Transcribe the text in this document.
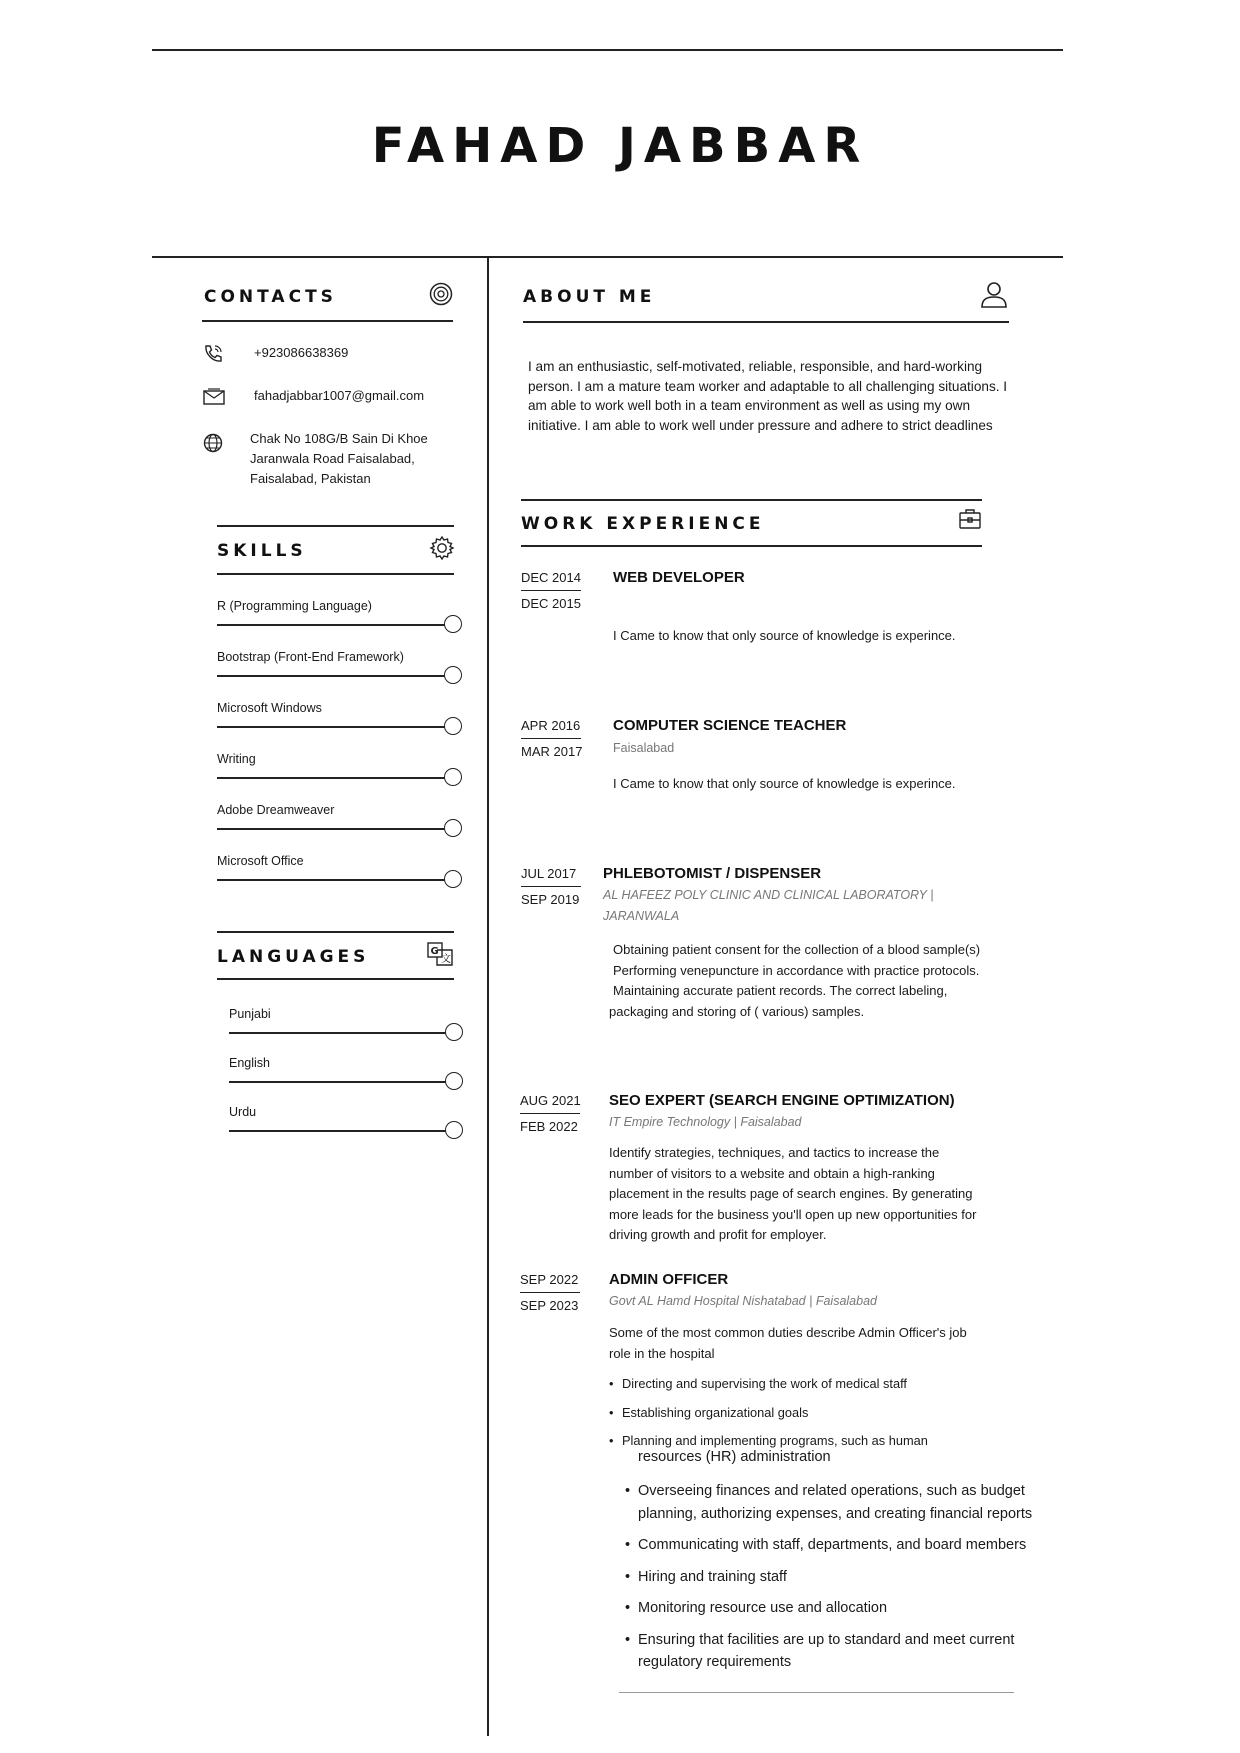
FAHAD JABBAR
CONTACTS
+923086638369
fahadjabbar1007@gmail.com
Chak No 108G/B Sain Di Khoe
Jaranwala Road Faisalabad,
Faisalabad, Pakistan
SKILLS
R (Programming Language)
Bootstrap (Front-End Framework)
Microsoft Windows
Writing
Adobe Dreamweaver
Microsoft Office
LANGUAGES	G
文
Punjabi
English
Urdu
ABOUT ME
I am an enthusiastic, self-motivated, reliable, responsible, and hard-working
person. I am a mature team worker and adaptable to all challenging situations. I
am able to work well both in a team environment as well as using my own
initiative. I am able to work well under pressure and adhere to strict deadlines
WORK EXPERIENCE
DEC 2014
DEC 2015
WEB DEVELOPER
I Came to know that only source of knowledge is experince.
APR 2016
MAR 2017
COMPUTER SCIENCE TEACHER
Faisalabad
I Came to know that only source of knowledge is experince.
JUL 2017
SEP 2019
PHLEBOTOMIST / DISPENSER
AL HAFEEZ POLY CLINIC AND CLINICAL LABORATORY |
JARANWALA
Obtaining patient consent for the collection of a blood sample(s)
Performing venepuncture in accordance with practice protocols.
Maintaining accurate patient records. The correct labeling,
packaging and storing of ( various) samples.
AUG 2021
FEB 2022
SEO EXPERT (SEARCH ENGINE OPTIMIZATION)
IT Empire Technology | Faisalabad
Identify strategies, techniques, and tactics to increase the
number of visitors to a website and obtain a high-ranking
placement in the results page of search engines. By generating
more leads for the business you'll open up new opportunities for
driving growth and profit for employer.
SEP 2022
SEP 2023
ADMIN OFFICER
Govt AL Hamd Hospital Nishatabad | Faisalabad
Some of the most common duties describe Admin Officer's job
role in the hospital
• Directing and supervising the work of medical staff
• Establishing organizational goals
• Planning and implementing programs, such as human
resources (HR) administration
• Overseeing finances and related operations, such as budget
planning, authorizing expenses, and creating financial reports
• Communicating with staff, departments, and board members
• Hiring and training staff
• Monitoring resource use and allocation
• Ensuring that facilities are up to standard and meet current
regulatory requirements
